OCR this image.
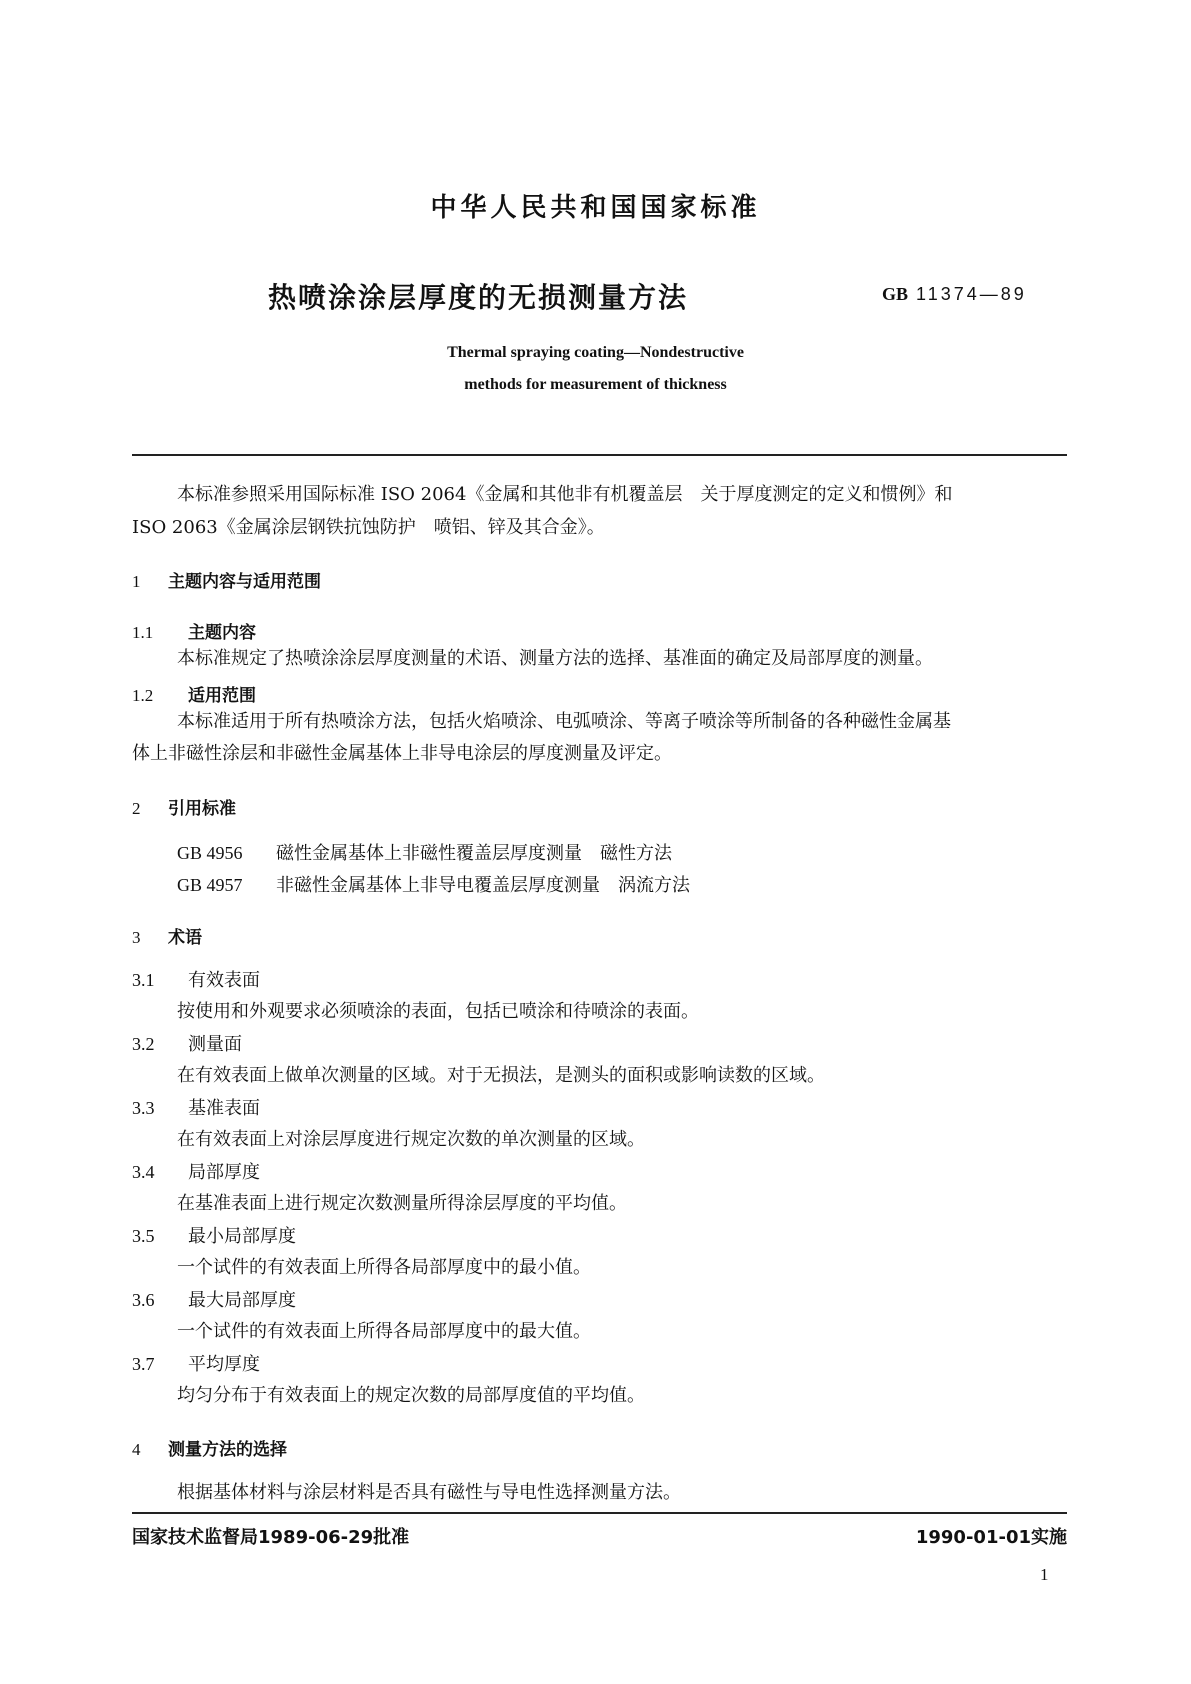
中华人民共和国国家标准
热喷涂涂层厚度的无损测量方法	GB 11374—89
Thermal spraying coating—Nondestructive
methods for measurement of thickness
本标准参照采用国际标准 ISO 2064《金属和其他非有机覆盖层　关于厚度测定的定义和惯例》和
ISO 2063《金属涂层钢铁抗蚀防护　喷铝、锌及其合金》。
1 主题内容与适用范围
1.1 主题内容
本标准规定了热喷涂涂层厚度测量的术语、测量方法的选择、基准面的确定及局部厚度的测量。
1.2 适用范围
本标准适用于所有热喷涂方法，包括火焰喷涂、电弧喷涂、等离子喷涂等所制备的各种磁性金属基
体上非磁性涂层和非磁性金属基体上非导电涂层的厚度测量及评定。
2 引用标准
GB 4956 磁性金属基体上非磁性覆盖层厚度测量　磁性方法
GB 4957 非磁性金属基体上非导电覆盖层厚度测量　涡流方法
3 术语
3.1 有效表面
按使用和外观要求必须喷涂的表面，包括已喷涂和待喷涂的表面。
3.2 测量面
在有效表面上做单次测量的区域。对于无损法，是测头的面积或影响读数的区域。
3.3 基准表面
在有效表面上对涂层厚度进行规定次数的单次测量的区域。
3.4 局部厚度
在基准表面上进行规定次数测量所得涂层厚度的平均值。
3.5 最小局部厚度
一个试件的有效表面上所得各局部厚度中的最小值。
3.6 最大局部厚度
一个试件的有效表面上所得各局部厚度中的最大值。
3.7 平均厚度
均匀分布于有效表面上的规定次数的局部厚度值的平均值。
4 测量方法的选择
根据基体材料与涂层材料是否具有磁性与导电性选择测量方法。
国家技术监督局1989-06-29批准	1990-01-01实施
1
